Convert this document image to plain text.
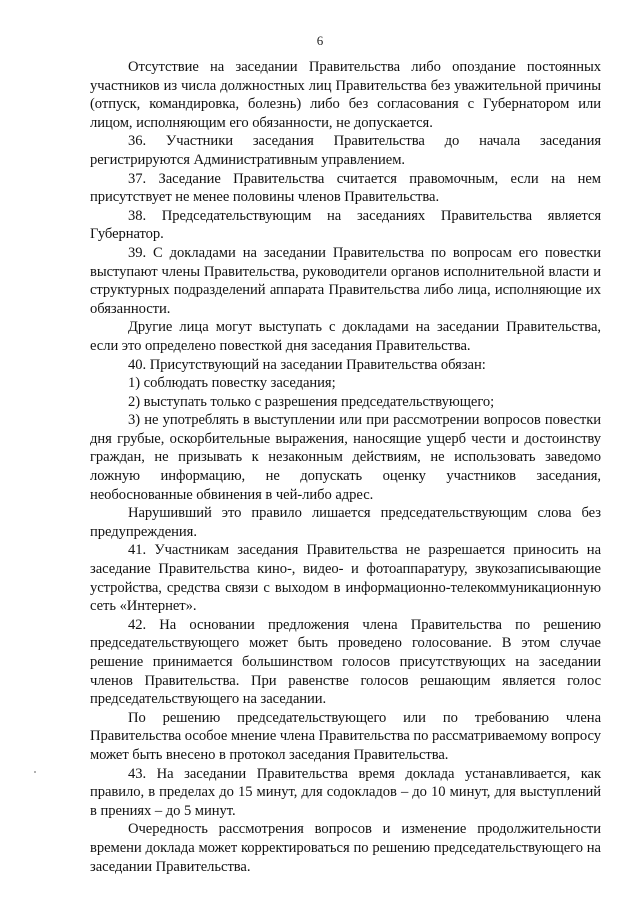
6

Отсутствие на заседании Правительства либо опоздание постоянных участников из числа должностных лиц Правительства без уважительной причины (отпуск, командировка, болезнь) либо без согласования с Губернатором или лицом, исполняющим его обязанности, не допускается.

36. Участники заседания Правительства до начала заседания регистрируются Административным управлением.

37. Заседание Правительства считается правомочным, если на нем присутствует не менее половины членов Правительства.

38. Председательствующим на заседаниях Правительства является Губернатор.

39. С докладами на заседании Правительства по вопросам его повестки выступают члены Правительства, руководители органов исполнительной власти и структурных подразделений аппарата Правительства либо лица, исполняющие их обязанности.

Другие лица могут выступать с докладами на заседании Правительства, если это определено повесткой дня заседания Правительства.

40. Присутствующий на заседании Правительства обязан:

1) соблюдать повестку заседания;

2) выступать только с разрешения председательствующего;

3) не употреблять в выступлении или при рассмотрении вопросов повестки дня грубые, оскорбительные выражения, наносящие ущерб чести и достоинству граждан, не призывать к незаконным действиям, не использовать заведомо ложную информацию, не допускать оценку участников заседания, необоснованные обвинения в чей-либо адрес.

Нарушивший это правило лишается председательствующим слова без предупреждения.

41. Участникам заседания Правительства не разрешается приносить на заседание Правительства кино-, видео- и фотоаппаратуру, звукозаписывающие устройства, средства связи с выходом в информационно-телекоммуникационную сеть «Интернет».

42. На основании предложения члена Правительства по решению председательствующего может быть проведено голосование. В этом случае решение принимается большинством голосов присутствующих на заседании членов Правительства. При равенстве голосов решающим является голос председательствующего на заседании.

По решению председательствующего или по требованию члена Правительства особое мнение члена Правительства по рассматриваемому вопросу может быть внесено в протокол заседания Правительства.

43. На заседании Правительства время доклада устанавливается, как правило, в пределах до 15 минут, для содокладов – до 10 минут, для выступлений в прениях – до 5 минут.

Очередность рассмотрения вопросов и изменение продолжительности времени доклада может корректироваться по решению председательствующего на заседании Правительства.
